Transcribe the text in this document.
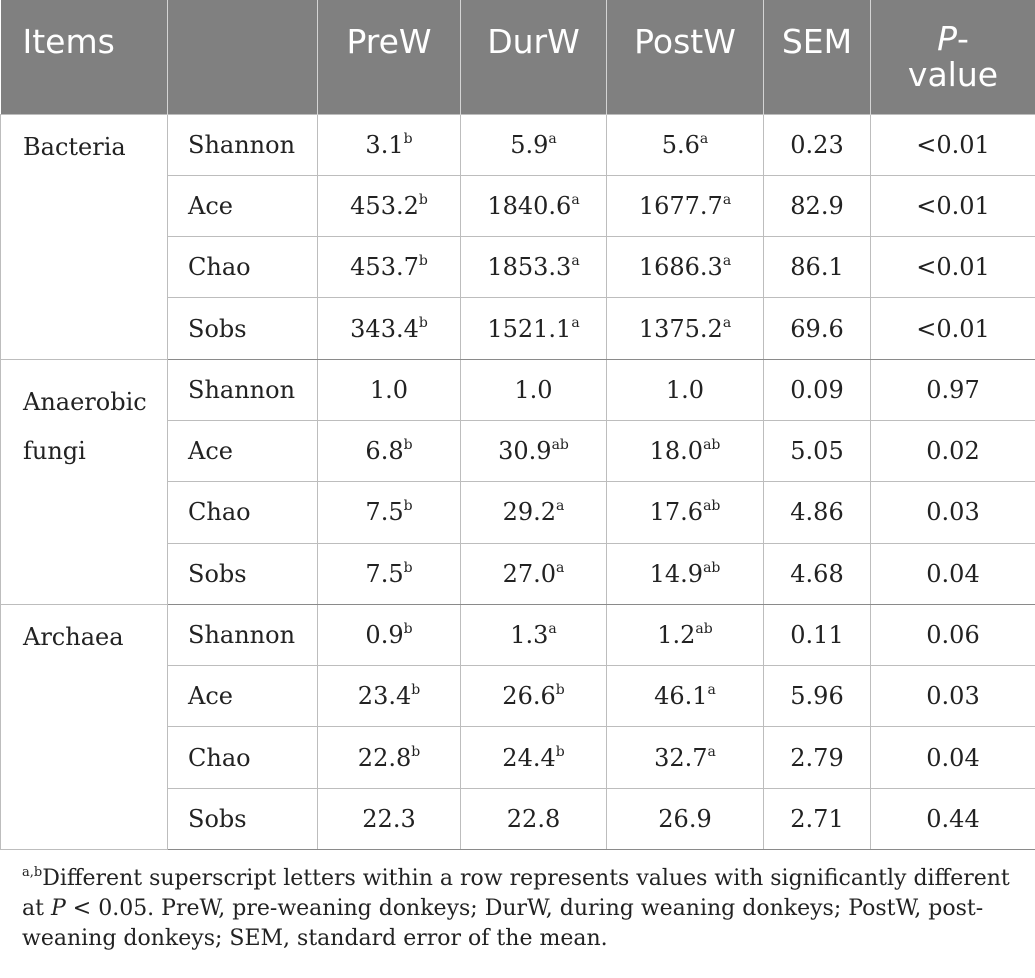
Items		PreW	DurW	PostW	SEM	P-
value
Bacteria	Shannon	3.1$^b$	5.9$^a$	5.6$^a$	0.23	<0.01
	Ace	453.2$^b$	1840.6$^a$	1677.7$^a$	82.9	<0.01
	Chao	453.7$^b$	1853.3$^a$	1686.3$^a$	86.1	<0.01
	Sobs	343.4$^b$	1521.1$^a$	1375.2$^a$	69.6	<0.01
Anaerobic
fungi	Shannon	1.0	1.0	1.0	0.09	0.97
	Ace	6.8$^b$	30.9$^{ab}$	18.0$^{ab}$	5.05	0.02
	Chao	7.5$^b$	29.2$^a$	17.6$^{ab}$	4.86	0.03
	Sobs	7.5$^b$	27.0$^a$	14.9$^{ab}$	4.68	0.04
Archaea	Shannon	0.9$^b$	1.3$^a$	1.2$^{ab}$	0.11	0.06
	Ace	23.4$^b$	26.6$^b$	46.1$^a$	5.96	0.03
	Chao	22.8$^b$	24.4$^b$	32.7$^a$	2.79	0.04
	Sobs	22.3	22.8	26.9	2.71	0.44
$^{a,b}$Different superscript letters within a row represents values with significantly different at P < 0.05. PreW, pre-weaning donkeys; DurW, during weaning donkeys; PostW, post-weaning donkeys; SEM, standard error of the mean.
